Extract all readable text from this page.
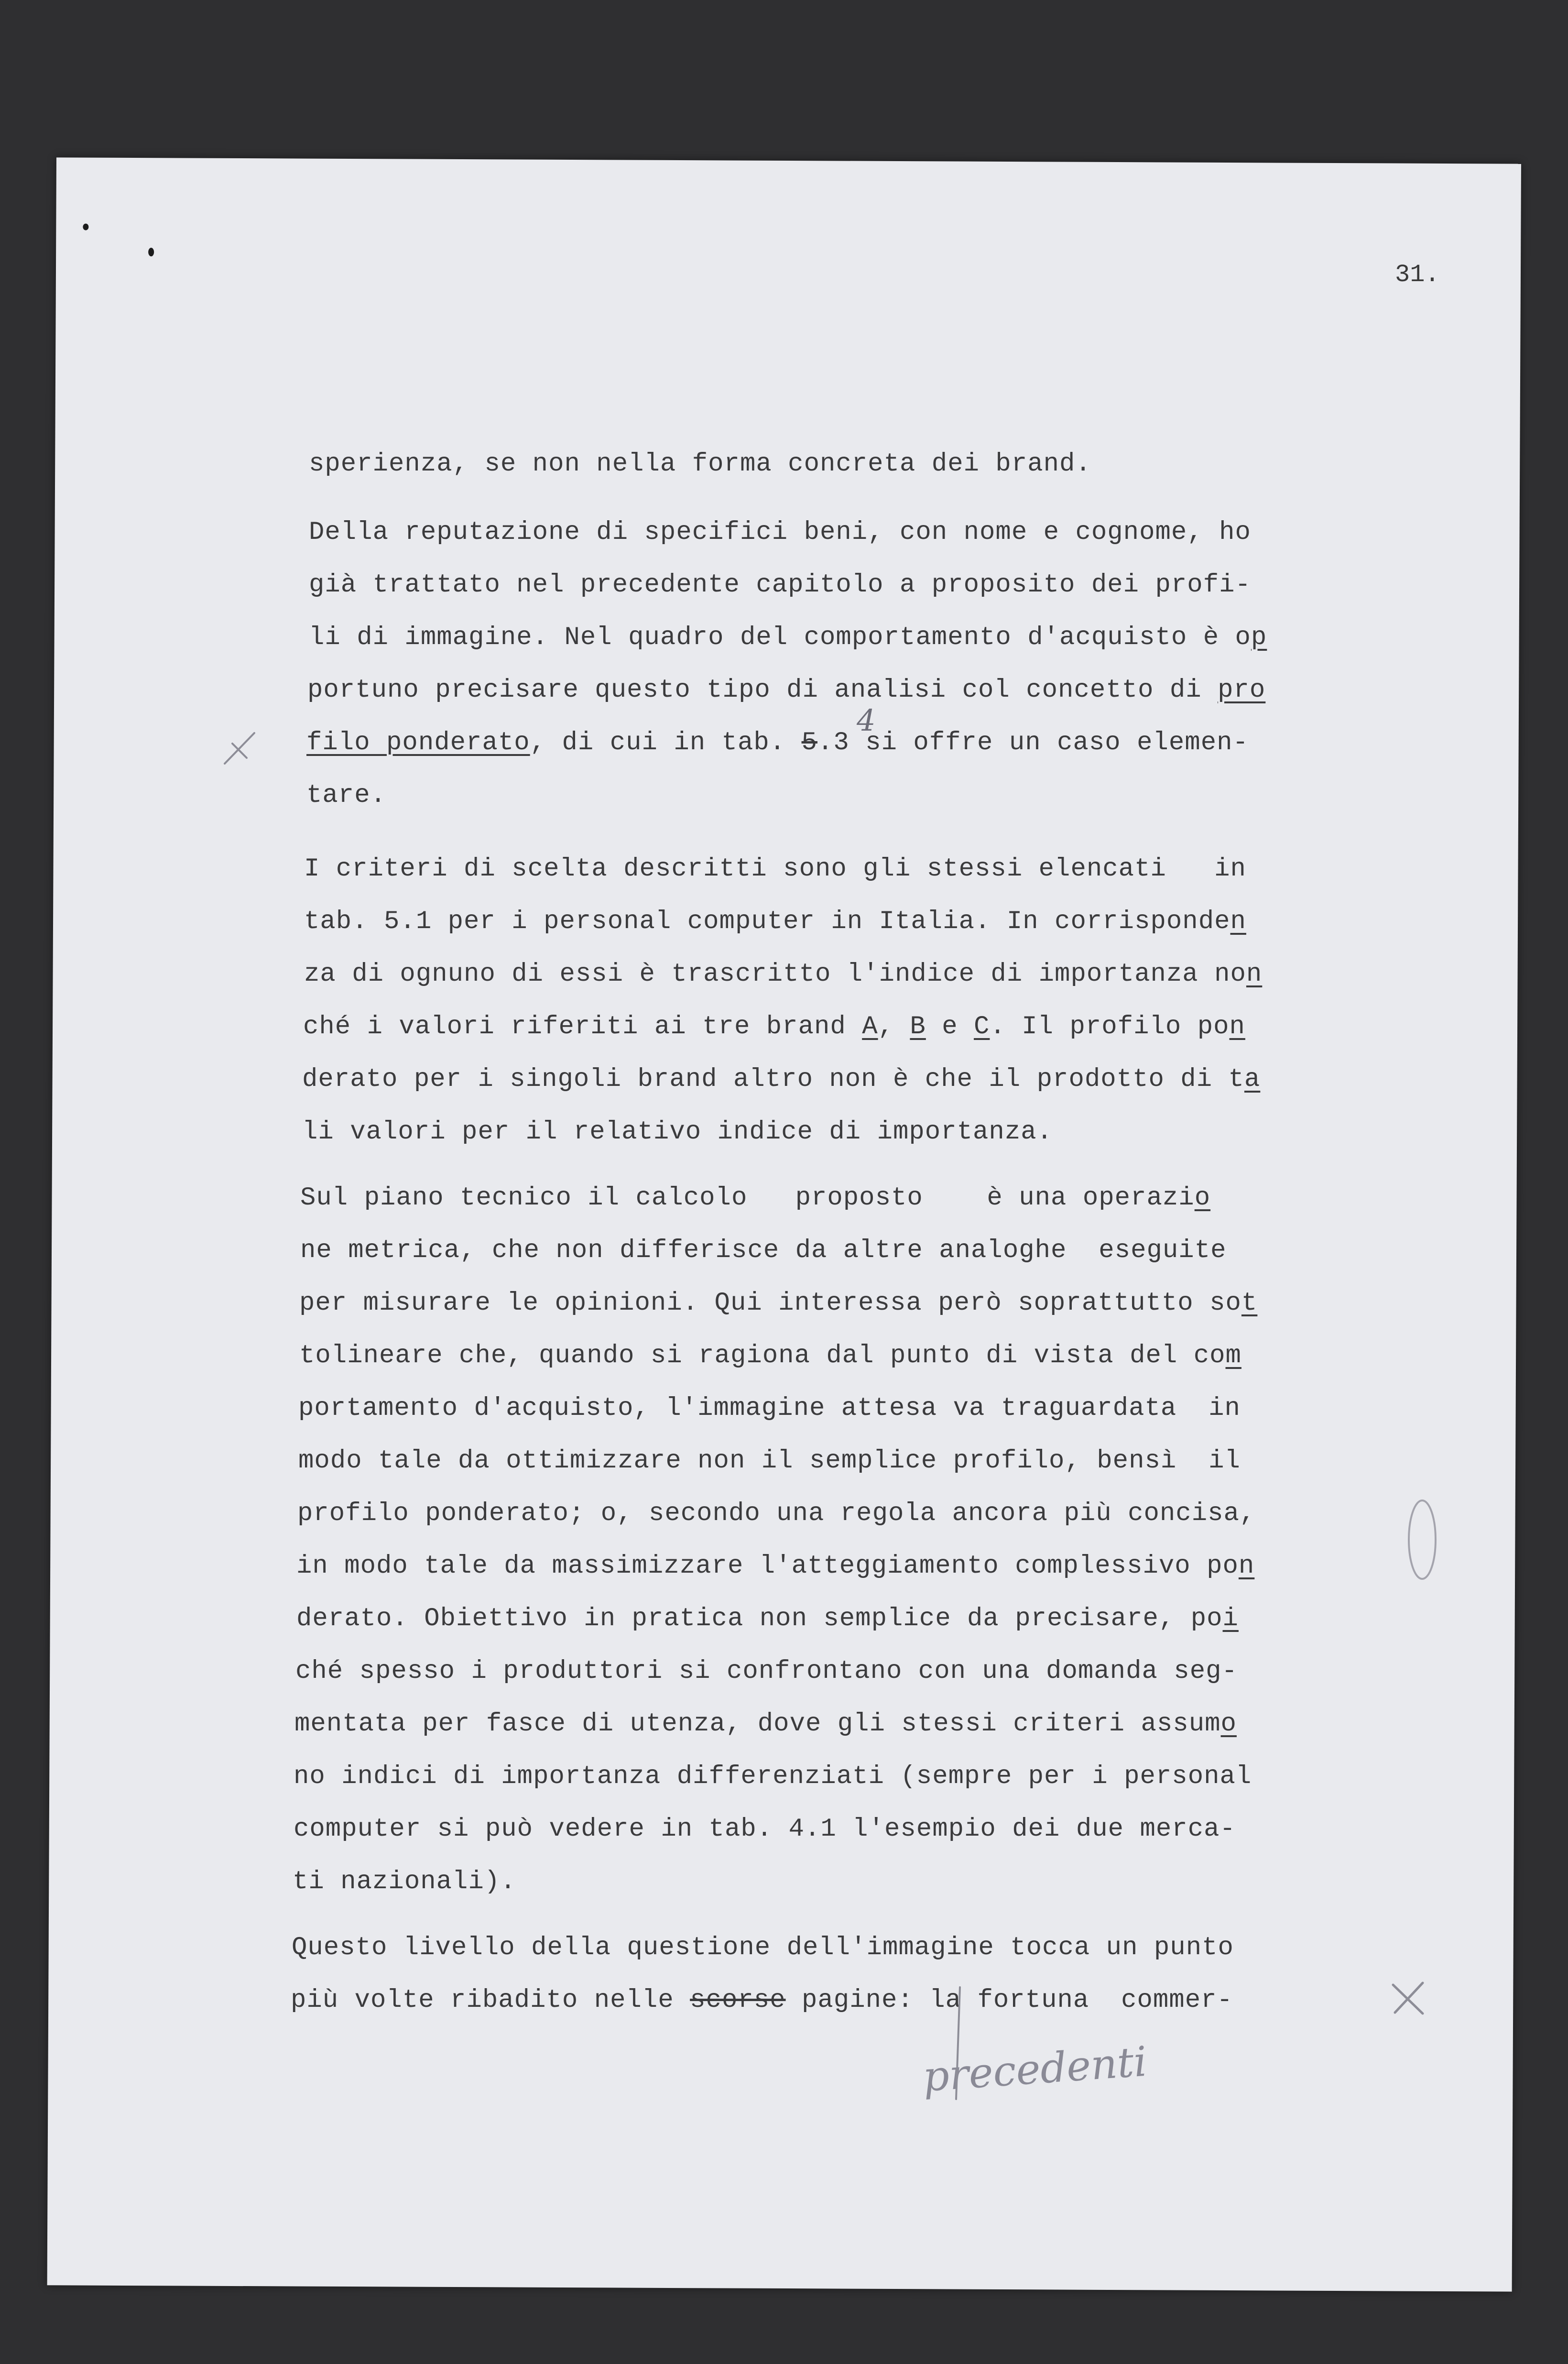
31.
sperienza, se non nella forma concreta dei brand.
Della reputazione di specifici beni, con nome e cognome, ho
già trattato nel precedente capitolo a proposito dei profi-
li di immagine. Nel quadro del comportamento d'acquisto è op
portuno precisare questo tipo di analisi col concetto di pro
filo ponderato, di cui in tab. 5.3 si offre un caso elemen-
tare.
I criteri di scelta descritti sono gli stessi elencati   in
tab. 5.1 per i personal computer in Italia. In corrisponden
za di ognuno di essi è trascritto l'indice di importanza non
ché i valori riferiti ai tre brand A, B e C. Il profilo pon
derato per i singoli brand altro non è che il prodotto di ta
li valori per il relativo indice di importanza.
Sul piano tecnico il calcolo   proposto    è una operazio
ne metrica, che non differisce da altre analoghe  eseguite
per misurare le opinioni. Qui interessa però soprattutto sot
tolineare che, quando si ragiona dal punto di vista del com
portamento d'acquisto, l'immagine attesa va traguardata  in
modo tale da ottimizzare non il semplice profilo, bensì  il
profilo ponderato; o, secondo una regola ancora più concisa,
in modo tale da massimizzare l'atteggiamento complessivo pon
derato. Obiettivo in pratica non semplice da precisare, poi
ché spesso i produttori si confrontano con una domanda seg-
mentata per fasce di utenza, dove gli stessi criteri assumo
no indici di importanza differenziati (sempre per i personal
computer si può vedere in tab. 4.1 l'esempio dei due merca-
ti nazionali).
Questo livello della questione dell'immagine tocca un punto
più volte ribadito nelle scorse pagine: la fortuna  commer-
4
precedenti
